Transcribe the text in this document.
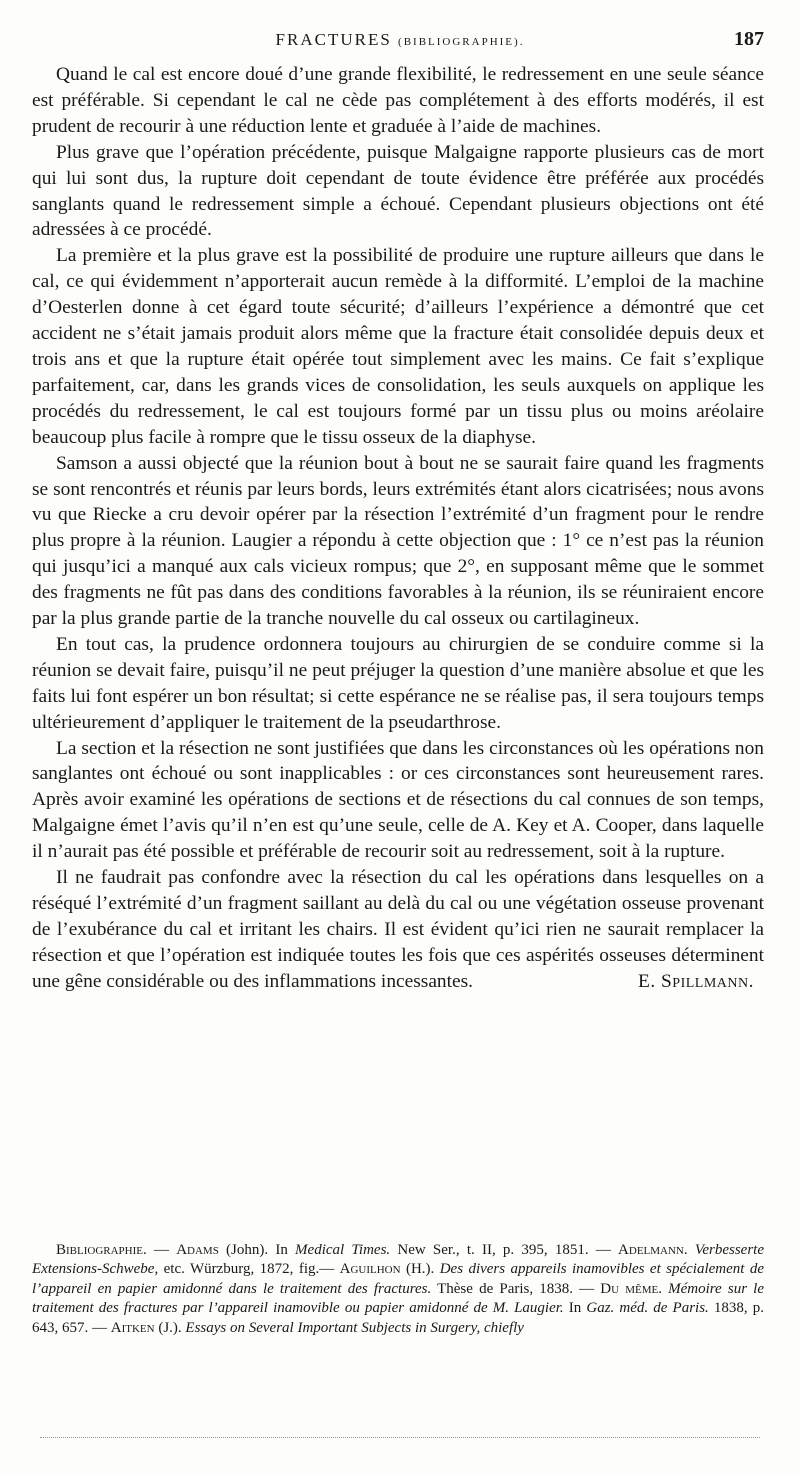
FRACTURES (BIBLIOGRAPHIE).	187

Quand le cal est encore doué d’une grande flexibilité, le redressement en une seule séance est préférable. Si cependant le cal ne cède pas complétement à des efforts modérés, il est prudent de recourir à une réduction lente et graduée à l’aide de machines.

Plus grave que l’opération précédente, puisque Malgaigne rapporte plusieurs cas de mort qui lui sont dus, la rupture doit cependant de toute évidence être préférée aux procédés sanglants quand le redressement simple a échoué. Cependant plusieurs objections ont été adressées à ce procédé.

La première et la plus grave est la possibilité de produire une rupture ailleurs que dans le cal, ce qui évidemment n’apporterait aucun remède à la difformité. L’emploi de la machine d’Oesterlen donne à cet égard toute sécurité; d’ailleurs l’expérience a démontré que cet accident ne s’était jamais produit alors même que la fracture était consolidée depuis deux et trois ans et que la rupture était opérée tout simplement avec les mains. Ce fait s’explique parfaitement, car, dans les grands vices de consolidation, les seuls auxquels on applique les procédés du redressement, le cal est toujours formé par un tissu plus ou moins aréolaire beaucoup plus facile à rompre que le tissu osseux de la diaphyse.

Samson a aussi objecté que la réunion bout à bout ne se saurait faire quand les fragments se sont rencontrés et réunis par leurs bords, leurs extrémités étant alors cicatrisées; nous avons vu que Riecke a cru devoir opérer par la résection l’extrémité d’un fragment pour le rendre plus propre à la réunion. Laugier a répondu à cette objection que : 1° ce n’est pas la réunion qui jusqu’ici a manqué aux cals vicieux rompus; que 2°, en supposant même que le sommet des fragments ne fût pas dans des conditions favorables à la réunion, ils se réuniraient encore par la plus grande partie de la tranche nouvelle du cal osseux ou cartilagineux.

En tout cas, la prudence ordonnera toujours au chirurgien de se conduire comme si la réunion se devait faire, puisqu’il ne peut préjuger la question d’une manière absolue et que les faits lui font espérer un bon résultat; si cette espérance ne se réalise pas, il sera toujours temps ultérieurement d’appliquer le traitement de la pseudarthrose.

La section et la résection ne sont justifiées que dans les circonstances où les opérations non sanglantes ont échoué ou sont inapplicables : or ces circonstances sont heureusement rares. Après avoir examiné les opérations de sections et de résections du cal connues de son temps, Malgaigne émet l’avis qu’il n’en est qu’une seule, celle de A. Key et A. Cooper, dans laquelle il n’aurait pas été possible et préférable de recourir soit au redressement, soit à la rupture.

Il ne faudrait pas confondre avec la résection du cal les opérations dans lesquelles on a réséqué l’extrémité d’un fragment saillant au delà du cal ou une végétation osseuse provenant de l’exubérance du cal et irritant les chairs. Il est évident qu’ici rien ne saurait remplacer la résection et que l’opération est indiquée toutes les fois que ces aspérités osseuses déterminent une gêne considérable ou des inflammations incessantes.	E. Spillmann.

Bibliographie. — Adams (John). In Medical Times. New Ser., t. II, p. 395, 1851. — Adelmann. Verbesserte Extensions-Schwebe, etc. Würzburg, 1872, fig.— Aguilhon (H.). Des divers appareils inamovibles et spécialement de l’appareil en papier amidonné dans le traitement des fractures. Thèse de Paris, 1838. — Du même. Mémoire sur le traitement des fractures par l’appareil inamovible ou papier amidonné de M. Laugier. In Gaz. méd. de Paris. 1838, p. 643, 657. — Aitken (J.). Essays on Several Important Subjects in Surgery, chiefly
